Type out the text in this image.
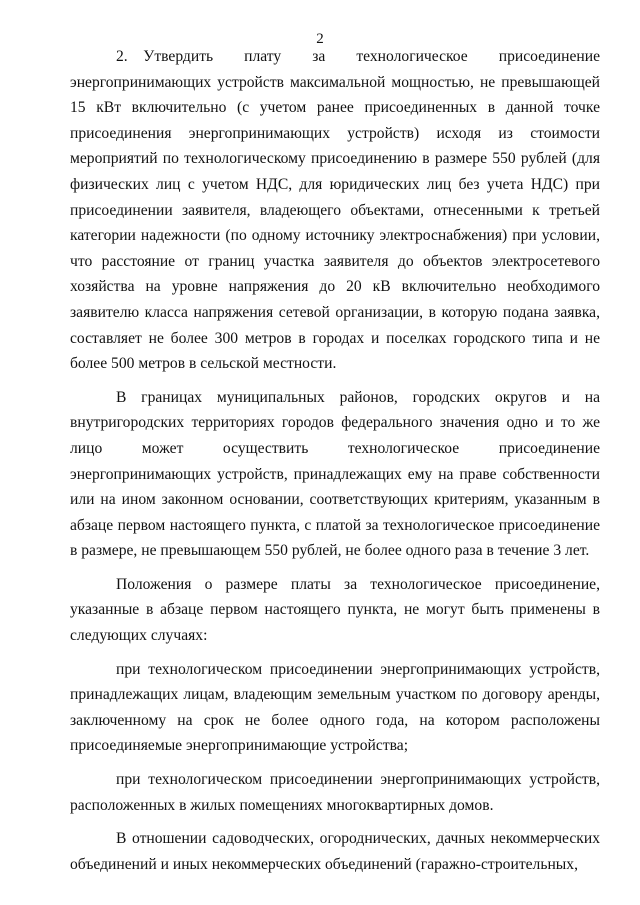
2

2. Утвердить плату за технологическое присоединение энергопринимающих устройств максимальной мощностью, не превышающей 15 кВт включительно (с учетом ранее присоединенных в данной точке присоединения энергопринимающих устройств) исходя из стоимости мероприятий по технологическому присоединению в размере 550 рублей (для физических лиц с учетом НДС, для юридических лиц без учета НДС) при присоединении заявителя, владеющего объектами, отнесенными к третьей категории надежности (по одному источнику электроснабжения) при условии, что расстояние от границ участка заявителя до объектов электросетевого хозяйства на уровне напряжения до 20 кВ включительно необходимого заявителю класса напряжения сетевой организации, в которую подана заявка, составляет не более 300 метров в городах и поселках городского типа и не более 500 метров в сельской местности.

В границах муниципальных районов, городских округов и на внутригородских территориях городов федерального значения одно и то же лицо может осуществить технологическое присоединение энергопринимающих устройств, принадлежащих ему на праве собственности или на ином законном основании, соответствующих критериям, указанным в абзаце первом настоящего пункта, с платой за технологическое присоединение в размере, не превышающем 550 рублей, не более одного раза в течение 3 лет.

Положения о размере платы за технологическое присоединение, указанные в абзаце первом настоящего пункта, не могут быть применены в следующих случаях:

при технологическом присоединении энергопринимающих устройств, принадлежащих лицам, владеющим земельным участком по договору аренды, заключенному на срок не более одного года, на котором расположены присоединяемые энергопринимающие устройства;

при технологическом присоединении энергопринимающих устройств, расположенных в жилых помещениях многоквартирных домов.

В отношении садоводческих, огороднических, дачных некоммерческих объединений и иных некоммерческих объединений (гаражно-строительных,
